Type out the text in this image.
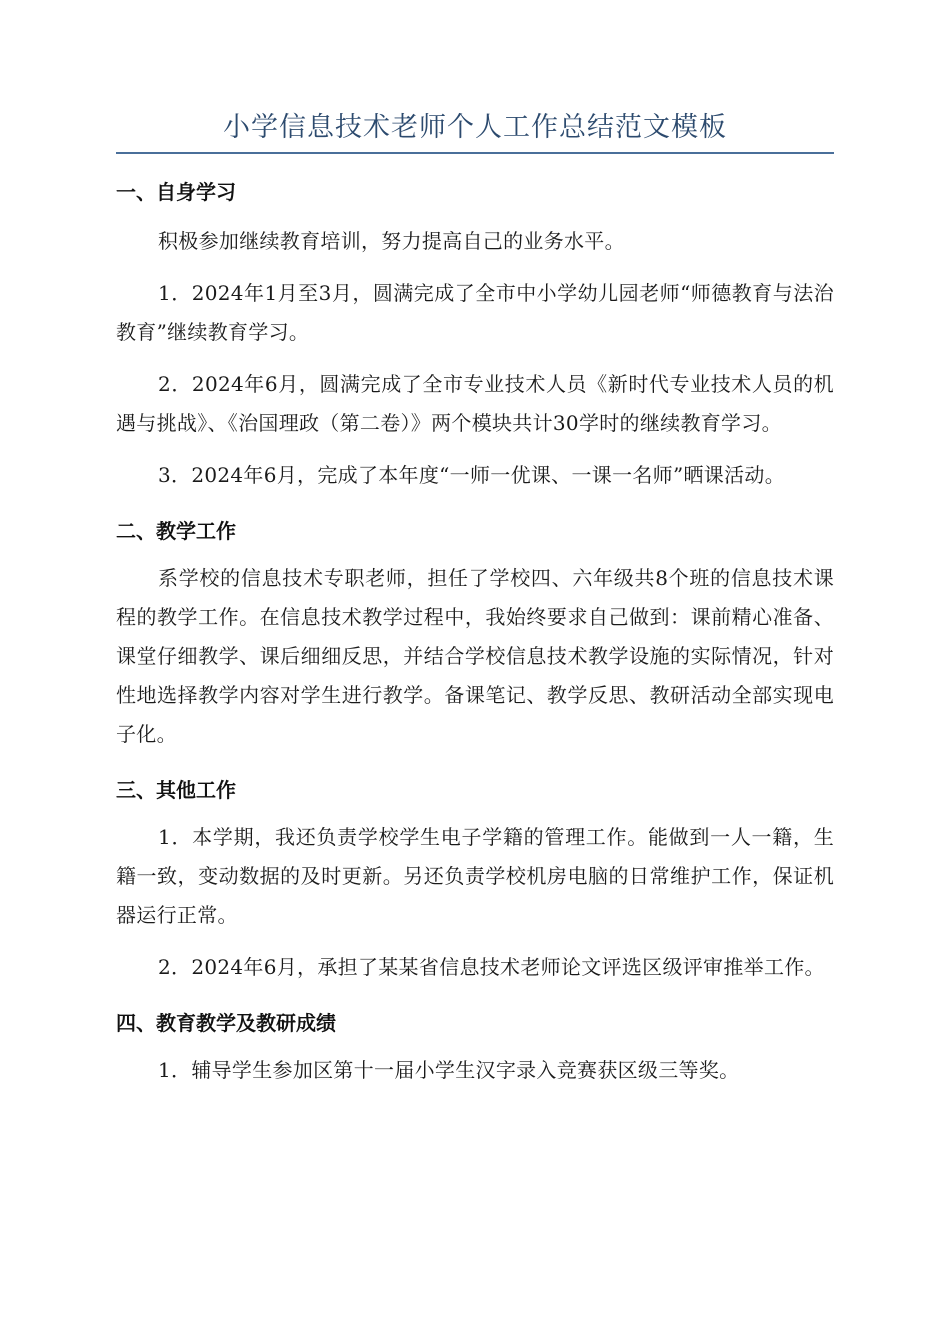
小学信息技术老师个人工作总结范文模板
一、自身学习

积极参加继续教育培训，努力提高自己的业务水平。

1．2024年1月至3月，圆满完成了全市中小学幼儿园老师“师德教育与法治教育”继续教育学习。

2．2024年6月，圆满完成了全市专业技术人员《新时代专业技术人员的机遇与挑战》、《治国理政（第二卷）》两个模块共计30学时的继续教育学习。

3．2024年6月，完成了本年度“一师一优课、一课一名师”晒课活动。

二、教学工作

系学校的信息技术专职老师，担任了学校四、六年级共8个班的信息技术课程的教学工作。在信息技术教学过程中，我始终要求自己做到：课前精心准备、课堂仔细教学、课后细细反思，并结合学校信息技术教学设施的实际情况，针对性地选择教学内容对学生进行教学。备课笔记、教学反思、教研活动全部实现电子化。

三、其他工作

1．本学期，我还负责学校学生电子学籍的管理工作。能做到一人一籍，生籍一致，变动数据的及时更新。另还负责学校机房电脑的日常维护工作，保证机器运行正常。

2．2024年6月，承担了某某省信息技术老师论文评选区级评审推举工作。

四、教育教学及教研成绩

1．辅导学生参加区第十一届小学生汉字录入竞赛获区级三等奖。
